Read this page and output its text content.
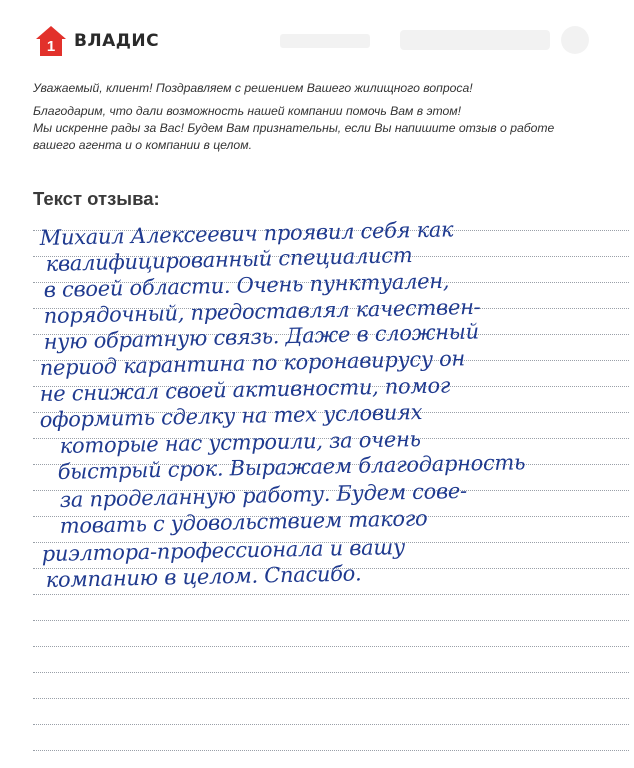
1 ВЛАДИС

Уважаемый, клиент! Поздравляем с решением Вашего жилищного вопроса!

Благодарим, что дали возможность нашей компании помочь Вам в этом!

Мы искренне рады за Вас! Будем Вам признательны, если Вы напишите отзыв о работе

вашего агента и о компании в целом.

Текст отзыва:
Михаил Алексеевич проявил себя как
квалифицированный специалист
в своей области. Очень пунктуален,
порядочный, предоставлял качествен-
ную обратную связь. Даже в сложный
период карантина по коронавирусу он
не снижал своей активности, помог
оформить сделку на тех условиях
которые нас устроили, за очень
быстрый срок. Выражаем благодарность
за проделанную работу. Будем сове-
товать с удовольствием такого
риэлтора-профессионала и вашу
компанию в целом. Спасибо.
